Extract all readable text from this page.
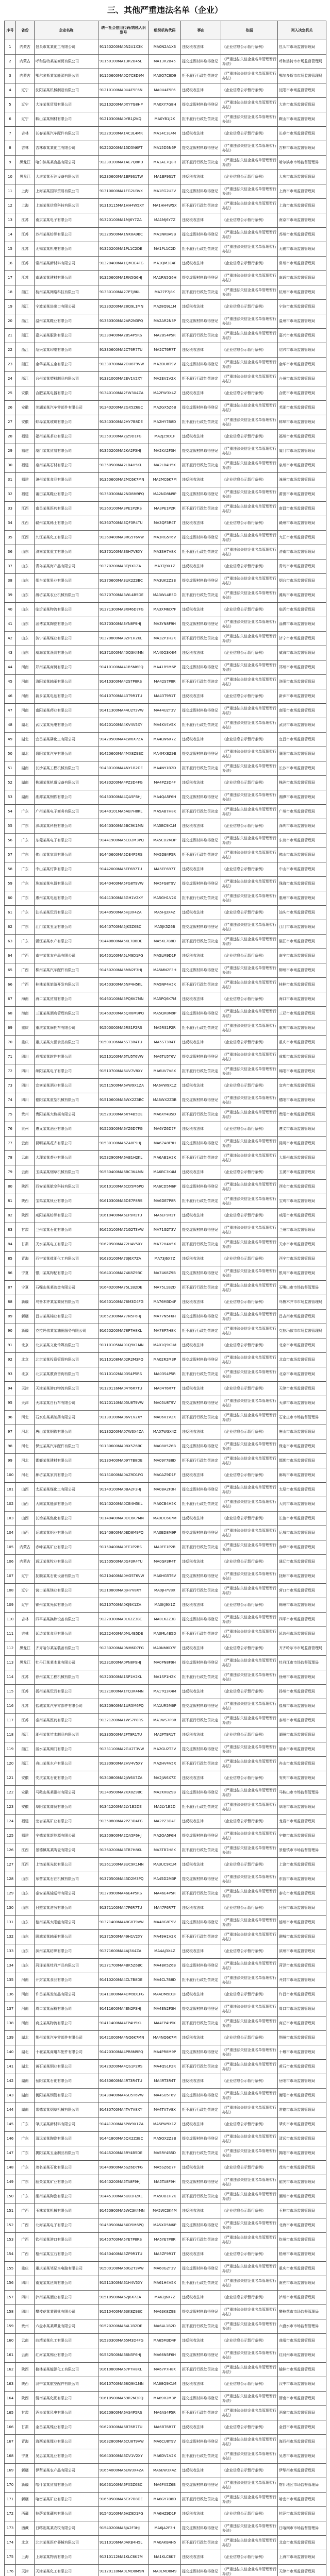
三、其他严重违法名单（企业）
序号	省份	企业名称	统一社会信用代码/纳税人识别号	组织机构代码	事由	依据	列入决定机关
1	内蒙古	包头市某某化工有限公司	91150200MA0N2A1X3K	MA0N2A1X3	违反税收法律	《企业信息公示暂行条例》	包头市市场监督管理局
2	内蒙古	呼和浩特某某商贸有限公司	91150100MA13R2B45L	MA13R2B45	提交虚假材料取得登记	《严重违法失信企业名单管理暂行办法》	呼和浩特市市场监督管理局
3	内蒙古	鄂尔多斯某某能源有限公司	91150600MA0Q7C8D9M	MA0Q7C8D9	拒不履行行政处罚决定	《严重违法失信企业名单管理暂行办法》	鄂尔多斯市市场监督管理局
4	辽宁	沈阳某某机械制造有限公司	91210100MA0U4E5F6N	MA0U4E5F6	违反税收法律	《企业信息公示暂行条例》	沈阳市市场监督管理局
5	辽宁	大连某某贸易有限公司	91210200MA0XY7G8HP	MA0XY7G8H	提交虚假材料取得登记	《严重违法失信企业名单管理暂行办法》	大连市市场监督管理局
6	辽宁	鞍山某某钢材有限公司	91210300MA0YB1J2KQ	MA0YB1J2K	拒不履行行政处罚决定	《严重违法失信企业名单管理暂行办法》	鞍山市市场监督管理局
7	吉林	长春某某汽车配件有限公司	91220100MA14C3L4MR	MA14C3L4M	违反税收法律	《企业信息公示暂行条例》	长春市市场监督管理局
8	吉林	吉林市某某化工有限公司	91220200MA15D5N6PT	MA15D5N6P	提交虚假材料取得登记	《严重违法失信企业名单管理暂行办法》	吉林市市场监督管理局
9	黑龙江	哈尔滨某某食品有限公司	91230100MA1AE7Q8RU	MA1AE7Q8R	拒不履行行政处罚决定	《严重违法失信企业名单管理暂行办法》	哈尔滨市市场监督管理局
10	黑龙江	大庆某某石油设备有限公司	91230600MA1BF9S1TW	MA1BF9S1T	违反税收法律	《企业信息公示暂行条例》	大庆市市场监督管理局
11	上海	上海某某国际贸易有限公司	91310000MA1FG2U3VX	MA1FG2U3V	提交虚假材料取得登记	《严重违法失信企业名单管理暂行办法》	上海市市场监督管理局
12	上海	上海某某信息科技有限公司	91310115MA1HH4W5XY	MA1HH4W5X	拒不履行行政处罚决定	《严重违法失信企业名单管理暂行办法》	上海市市场监督管理局
13	江苏	南京某某电子有限公司	91320100MA1MJ6Y7ZA	MA1MJ6Y7Z	违反税收法律	《企业信息公示暂行条例》	南京市市场监督管理局
14	江苏	苏州某某纺织有限公司	91320500MA1NK8A9BC	MA1NK8A9B	提交虚假材料取得登记	《严重违法失信企业名单管理暂行办法》	苏州市市场监督管理局
15	江苏	无锡某某机电有限公司	91320200MA1PL1C2DE	MA1PL1C2D	拒不履行行政处罚决定	《严重违法失信企业名单管理暂行办法》	无锡市市场监督管理局
16	江苏	常州某某新材料有限公司	91320400MA1QM3E4FG	MA1QM3E4F	违反税收法律	《企业信息公示暂行条例》	常州市市场监督管理局
17	江苏	南通某某建材有限公司	91320600MA1RN5G6HJ	MA1RN5G6H	提交虚假材料取得登记	《严重违法失信企业名单管理暂行办法》	南通市市场监督管理局
18	浙江	杭州某某网络科技有限公司	91330100MA27P7J8KL	MA27P7J8K	拒不履行行政处罚决定	《严重违法失信企业名单管理暂行办法》	杭州市市场监督管理局
19	浙江	宁波某某进出口有限公司	91330200MA28Q9L1MN	MA28Q9L1M	违反税收法律	《企业信息公示暂行条例》	宁波市市场监督管理局
20	浙江	温州某某鞋业有限公司	91330300MA2AR2N3PQ	MA2AR2N3P	提交虚假材料取得登记	《严重违法失信企业名单管理暂行办法》	温州市市场监督管理局
21	浙江	嘉兴某某服饰有限公司	91330400MA2BS4P5RS	MA2BS4P5R	拒不履行行政处罚决定	《严重违法失信企业名单管理暂行办法》	嘉兴市市场监督管理局
22	浙江	绍兴某某印染有限公司	91330600MA2CT6R7TU	MA2CT6R7T	违反税收法律	《企业信息公示暂行条例》	绍兴市市场监督管理局
23	浙江	金华某某五金有限公司	91330700MA2DU8T9VW	MA2DU8T9V	提交虚假材料取得登记	《严重违法失信企业名单管理暂行办法》	金华市市场监督管理局
24	浙江	台州某某塑料制品有限公司	91331000MA2EV1V2XY	MA2EV1V2X	拒不履行行政处罚决定	《严重违法失信企业名单管理暂行办法》	台州市市场监督管理局
25	安徽	合肥某某电器有限公司	91340100MA2FW3X4ZA	MA2FW3X4Z	违反税收法律	《企业信息公示暂行条例》	合肥市市场监督管理局
26	安徽	芜湖某某汽车零部件有限公司	91340200MA2GX5Z6BC	MA2GX5Z6B	提交虚假材料取得登记	《严重违法失信企业名单管理暂行办法》	芜湖市市场监督管理局
27	安徽	蚌埠某某玻璃有限公司	91340300MA2HY7B8DE	MA2HY7B8D	拒不履行行政处罚决定	《严重违法失信企业名单管理暂行办法》	蚌埠市市场监督管理局
28	福建	福州某某茶业有限公司	91350100MA2JZ9D1FG	MA2JZ9D1F	违反税收法律	《企业信息公示暂行条例》	福州市市场监督管理局
29	福建	厦门某某贸易有限公司	91350200MA2KA2F3HJ	MA2KA2F3H	提交虚假材料取得登记	《严重违法失信企业名单管理暂行办法》	厦门市市场监督管理局
30	福建	泉州某某石材有限公司	91350500MA2LB4H5KL	MA2LB4H5K	拒不履行行政处罚决定	《严重违法失信企业名单管理暂行办法》	泉州市市场监督管理局
31	福建	漳州某某食品有限公司	91350600MA2MC6K7MN	MA2MC6K7M	违反税收法律	《企业信息公示暂行条例》	漳州市市场监督管理局
32	福建	莆田某某鞋业有限公司	91350300MA2ND8M9PQ	MA2ND8M9P	提交虚假材料取得登记	《严重违法失信企业名单管理暂行办法》	莆田市市场监督管理局
33	江西	南昌某某医药有限公司	91360100MA3PE1P2RS	MA3PE1P2R	拒不履行行政处罚决定	《严重违法失信企业名单管理暂行办法》	南昌市市场监督管理局
34	江西	赣州某某稀土有限公司	91360700MA3QF3R4TU	MA3QF3R4T	违反税收法律	《企业信息公示暂行条例》	赣州市市场监督管理局
35	江西	九江某某化工有限公司	91360400MA3RG5T6VW	MA3RG5T6V	提交虚假材料取得登记	《严重违法失信企业名单管理暂行办法》	九江市市场监督管理局
36	山东	济南某某重工有限公司	91370100MA3SH7V8XY	MA3SH7V8X	拒不履行行政处罚决定	《严重违法失信企业名单管理暂行办法》	济南市市场监督管理局
37	山东	青岛某某海产品有限公司	91370200MA3TJ9X1ZA	MA3TJ9X1Z	违反税收法律	《企业信息公示暂行条例》	青岛市市场监督管理局
38	山东	烟台某某果业有限公司	91370600MA3UK2Z3BC	MA3UK2Z3B	提交虚假材料取得登记	《严重违法失信企业名单管理暂行办法》	烟台市市场监督管理局
39	山东	潍坊某某农业机械有限公司	91370700MA3WL4B5DE	MA3WL4B5D	拒不履行行政处罚决定	《严重违法失信企业名单管理暂行办法》	潍坊市市场监督管理局
40	山东	临沂某某物流有限公司	91371300MA3XM6D7FG	MA3XM6D7F	违反税收法律	《企业信息公示暂行条例》	临沂市市场监督管理局
41	山东	淄博某某陶瓷有限公司	91370300MA3YN8F9HJ	MA3YN8F9H	提交虚假材料取得登记	《严重违法失信企业名单管理暂行办法》	淄博市市场监督管理局
42	山东	济宁某某煤业有限公司	91370800MA3ZP1H2KL	MA3ZP1H2K	拒不履行行政处罚决定	《严重违法失信企业名单管理暂行办法》	济宁市市场监督管理局
43	山东	威海某某渔具有限公司	91371000MA40Q3K4MN	MA40Q3K4M	违反税收法律	《企业信息公示暂行条例》	威海市市场监督管理局
44	河南	郑州某某商贸有限公司	91410100MA41R5M6PQ	MA41R5M6P	提交虚假材料取得登记	《严重违法失信企业名单管理暂行办法》	郑州市市场监督管理局
45	河南	洛阳某某轴承有限公司	91410300MA42S7P8RS	MA42S7P8R	拒不履行行政处罚决定	《严重违法失信企业名单管理暂行办法》	洛阳市市场监督管理局
46	河南	新乡某某电池有限公司	91410700MA43T9R1TU	MA43T9R1T	违反税收法律	《企业信息公示暂行条例》	新乡市市场监督管理局
47	河南	南阳某某药业有限公司	91411300MA44U2T3VW	MA44U2T3V	提交虚假材料取得登记	《严重违法失信企业名单管理暂行办法》	南阳市市场监督管理局
48	湖北	武汉某某光电有限公司	91420100MA4KV4V5XY	MA4KV4V5X	拒不履行行政处罚决定	《严重违法失信企业名单管理暂行办法》	武汉市市场监督管理局
49	湖北	宜昌某某磷化工有限公司	91420500MA4LW6X7ZA	MA4LW6X7Z	违反税收法律	《企业信息公示暂行条例》	宜昌市市场监督管理局
50	湖北	襄阳某某汽车有限公司	91420600MA4MX8Z9BC	MA4MX8Z9B	提交虚假材料取得登记	《严重违法失信企业名单管理暂行办法》	襄阳市市场监督管理局
51	湖南	长沙某某工程机械有限公司	91430100MA4NY1B2DE	MA4NY1B2D	拒不履行行政处罚决定	《严重违法失信企业名单管理暂行办法》	长沙市市场监督管理局
52	湖南	株洲某某轨道设备有限公司	91430200MA4PZ3D4FG	MA4PZ3D4F	违反税收法律	《企业信息公示暂行条例》	株洲市市场监督管理局
53	湖南	湘潭某某钢铁有限公司	91430300MA4QA5F6HJ	MA4QA5F6H	提交虚假材料取得登记	《严重违法失信企业名单管理暂行办法》	湘潭市市场监督管理局
54	广东	广州某某电子商务有限公司	91440101MA5AB7H8KL	MA5AB7H8K	拒不履行行政处罚决定	《严重违法失信企业名单管理暂行办法》	广州市市场监督管理局
55	广东	深圳某某科技有限公司	91440300MA5BC9K1MN	MA5BC9K1M	违反税收法律	《企业信息公示暂行条例》	深圳市市场监督管理局
56	广东	东莞某某电子有限公司	91441900MA5CD2M3PQ	MA5CD2M3P	提交虚假材料取得登记	《严重违法失信企业名单管理暂行办法》	东莞市市场监督管理局
57	广东	佛山某某家具有限公司	91440600MA5DE4P5RS	MA5DE4P5R	拒不履行行政处罚决定	《严重违法失信企业名单管理暂行办法》	佛山市市场监督管理局
58	广东	中山某某灯饰有限公司	91442000MA5EF6R7TU	MA5EF6R7T	违反税收法律	《企业信息公示暂行条例》	中山市市场监督管理局
59	广东	珠海某某电器有限公司	91440400MA5FG8T9VW	MA5FG8T9V	提交虚假材料取得登记	《严重违法失信企业名单管理暂行办法》	珠海市市场监督管理局
60	广东	惠州某某电池有限公司	91441300MA5GH1V2XY	MA5GH1V2X	拒不履行行政处罚决定	《严重违法失信企业名单管理暂行办法》	惠州市市场监督管理局
61	广东	汕头某某玩具有限公司	91440500MA5HJ3X4ZA	MA5HJ3X4Z	违反税收法律	《企业信息公示暂行条例》	汕头市市场监督管理局
62	广东	江门某某五金有限公司	91440700MA5JK5Z6BC	MA5JK5Z6B	提交虚假材料取得登记	《严重违法失信企业名单管理暂行办法》	江门市市场监督管理局
63	广东	湛江某某水产有限公司	91440800MA5KL7B8DE	MA5KL7B8D	拒不履行行政处罚决定	《严重违法失信企业名单管理暂行办法》	湛江市市场监督管理局
64	广西	南宁某某农产品有限公司	91450100MA5LM9D1FG	MA5LM9D1F	违反税收法律	《企业信息公示暂行条例》	南宁市市场监督管理局
65	广西	柳州某某汽车配件有限公司	91450200MA5MN2F3HJ	MA5MN2F3H	提交虚假材料取得登记	《严重违法失信企业名单管理暂行办法》	柳州市市场监督管理局
66	广西	桂林某某旅游开发有限公司	91450300MA5NP4H5KL	MA5NP4H5K	拒不履行行政处罚决定	《严重违法失信企业名单管理暂行办法》	桂林市市场监督管理局
67	海南	海口某某贸易有限公司	91460100MA5PQ6K7MN	MA5PQ6K7M	违反税收法律	《企业信息公示暂行条例》	海口市市场监督管理局
68	海南	三亚某某酒店管理有限公司	91460200MA5QR8M9PQ	MA5QR8M9P	提交虚假材料取得登记	《严重违法失信企业名单管理暂行办法》	三亚市市场监督管理局
69	重庆	重庆某某摩托车有限公司	91500000MA5RS1P2RS	MA5RS1P2R	拒不履行行政处罚决定	《严重违法失信企业名单管理暂行办法》	重庆市市场监督管理局
70	重庆	重庆某某火锅食品有限公司	91500106MA5ST3R4TU	MA5ST3R4T	违反税收法律	《企业信息公示暂行条例》	重庆市市场监督管理局
71	四川	成都某某软件有限公司	91510100MA6TU5T6VW	MA6TU5T6V	提交虚假材料取得登记	《严重违法失信企业名单管理暂行办法》	成都市市场监督管理局
72	四川	绵阳某某电子有限公司	91510700MA6UV7V8XY	MA6UV7V8X	拒不履行行政处罚决定	《严重违法失信企业名单管理暂行办法》	绵阳市市场监督管理局
73	四川	宜宾某某酒业有限公司	91511500MA6VW9X1ZA	MA6VW9X1Z	违反税收法律	《企业信息公示暂行条例》	宜宾市市场监督管理局
74	四川	德阳某某重型机械有限公司	91510600MA6WX2Z3BC	MA6WX2Z3B	提交虚假材料取得登记	《严重违法失信企业名单管理暂行办法》	德阳市市场监督管理局
75	贵州	贵阳某某大数据有限公司	91520100MA6XY4B5DE	MA6XY4B5D	拒不履行行政处罚决定	《严重违法失信企业名单管理暂行办法》	贵阳市市场监督管理局
76	贵州	遵义某某酒业有限公司	91520300MA6YZ6D7FG	MA6YZ6D7F	违反税收法律	《企业信息公示暂行条例》	遵义市市场监督管理局
77	云南	昆明某某花卉有限公司	91530100MA6ZA8F9HJ	MA6ZA8F9H	提交虚假材料取得登记	《严重违法失信企业名单管理暂行办法》	昆明市市场监督管理局
78	云南	大理某某茶业有限公司	91532900MA6AB1H2KL	MA6AB1H2K	拒不履行行政处罚决定	《严重违法失信企业名单管理暂行办法》	大理州市场监督管理局
79	云南	玉溪某某烟草机械有限公司	91530400MA6BC3K4MN	MA6BC3K4M	违反税收法律	《企业信息公示暂行条例》	玉溪市市场监督管理局
80	陕西	西安某某航空科技有限公司	91610100MA6CD5M6PQ	MA6CD5M6P	提交虚假材料取得登记	《严重违法失信企业名单管理暂行办法》	西安市市场监督管理局
81	陕西	宝鸡某某钛业有限公司	91610300MA6DE7P8RS	MA6DE7P8R	拒不履行行政处罚决定	《严重违法失信企业名单管理暂行办法》	宝鸡市市场监督管理局
82	陕西	咸阳某某纺织有限公司	91610400MA6EF9R1TU	MA6EF9R1T	违反税收法律	《企业信息公示暂行条例》	咸阳市市场监督管理局
83	甘肃	兰州某某石化有限公司	91620100MA71G2T3VW	MA71G2T3V	提交虚假材料取得登记	《严重违法失信企业名单管理暂行办法》	兰州市市场监督管理局
84	甘肃	天水某某电工有限公司	91620500MA72H4V5XY	MA72H4V5X	拒不履行行政处罚决定	《严重违法失信企业名单管理暂行办法》	天水市市场监督管理局
85	青海	西宁某某盐湖化工有限公司	91630100MA73J6X7ZA	MA73J6X7Z	违反税收法律	《企业信息公示暂行条例》	西宁市市场监督管理局
86	宁夏	银川某某枸杞有限公司	91640100MA74K8Z9BC	MA74K8Z9B	提交虚假材料取得登记	《严重违法失信企业名单管理暂行办法》	银川市市场监督管理局
87	宁夏	石嘴山某某冶金有限公司	91640200MA75L1B2DE	MA75L1B2D	拒不履行行政处罚决定	《严重违法失信企业名单管理暂行办法》	石嘴山市市场监督管理局
88	新疆	乌鲁木齐某某商贸有限公司	91650100MA76M3D4FG	MA76M3D4F	违反税收法律	《企业信息公示暂行条例》	乌鲁木齐市市场监督管理局
89	新疆	昌吉某某棉业有限公司	91652300MA77N5F6HJ	MA77N5F6H	提交虚假材料取得登记	《严重违法失信企业名单管理暂行办法》	昌吉州市场监督管理局
90	新疆	克拉玛依某某油田服务有限公司	91650200MA78P7H8KL	MA78P7H8K	拒不履行行政处罚决定	《严重违法失信企业名单管理暂行办法》	克拉玛依市市场监督管理局
91	北京	北京某某文化传媒有限公司	91110105MA01Q9K1MN	MA01Q9K1M	违反税收法律	《企业信息公示暂行条例》	北京市市场监督管理局
92	北京	北京某某投资管理有限公司	91110108MA02R2M3PQ	MA02R2M3P	提交虚假材料取得登记	《严重违法失信企业名单管理暂行办法》	北京市市场监督管理局
93	北京	北京某某教育咨询有限公司	91110102MA03S4P5RS	MA03S4P5R	拒不履行行政处罚决定	《严重违法失信企业名单管理暂行办法》	北京市市场监督管理局
94	天津	天津某某港口物流有限公司	91120116MA04T6R7TU	MA04T6R7T	违反税收法律	《企业信息公示暂行条例》	天津市市场监督管理局
95	天津	天津某某自行车有限公司	91120110MA05U8T9VW	MA05U8T9V	提交虚假材料取得登记	《严重违法失信企业名单管理暂行办法》	天津市市场监督管理局
96	河北	石家庄某某制药有限公司	91130100MA06V1V2XY	MA06V1V2X	拒不履行行政处罚决定	《严重违法失信企业名单管理暂行办法》	石家庄市市场监督管理局
97	河北	唐山某某钢铁有限公司	91130200MA07W3X4ZA	MA07W3X4Z	违反税收法律	《企业信息公示暂行条例》	唐山市市场监督管理局
98	河北	保定某某汽车配件有限公司	91130600MA08X5Z6BC	MA08X5Z6B	提交虚假材料取得登记	《严重违法失信企业名单管理暂行办法》	保定市市场监督管理局
99	河北	邯郸某某建材有限公司	91130400MA09Y7B8DE	MA09Y7B8D	拒不履行行政处罚决定	《严重违法失信企业名单管理暂行办法》	邯郸市市场监督管理局
100	河北	廊坊某某家具有限公司	91131000MA0AZ9D1FG	MA0AZ9D1F	违反税收法律	《企业信息公示暂行条例》	廊坊市市场监督管理局
101	山西	太原某某煤化工有限公司	91140100MA0BA2F3HJ	MA0BA2F3H	提交虚假材料取得登记	《严重违法失信企业名单管理暂行办法》	太原市市场监督管理局
102	山西	大同某某能源有限公司	91140200MA0CB4H5KL	MA0CB4H5K	拒不履行行政处罚决定	《严重违法失信企业名单管理暂行办法》	大同市市场监督管理局
103	山西	长治某某焦化有限公司	91140400MA0DC6K7MN	MA0DC6K7M	违反税收法律	《企业信息公示暂行条例》	长治市市场监督管理局
104	山西	运城某某铝业有限公司	91140800MA0ED8M9PQ	MA0ED8M9P	提交虚假材料取得登记	《严重违法失信企业名单管理暂行办法》	运城市市场监督管理局
105	内蒙古	赤峰某某矿业有限公司	91150400MA0FE1P2RS	MA0FE1P2R	拒不履行行政处罚决定	《严重违法失信企业名单管理暂行办法》	赤峰市市场监督管理局
106	内蒙古	通辽某某牧业有限公司	91150500MA0GF3R4TU	MA0GF3R4T	违反税收法律	《企业信息公示暂行条例》	通辽市市场监督管理局
107	辽宁	抚顺某某石化设备有限公司	91210400MA0HG5T6VW	MA0HG5T6V	提交虚假材料取得登记	《严重违法失信企业名单管理暂行办法》	抚顺市市场监督管理局
108	辽宁	营口某某镁业有限公司	91210800MA0JH7V8XY	MA0JH7V8X	拒不履行行政处罚决定	《严重违法失信企业名单管理暂行办法》	营口市市场监督管理局
109	辽宁	锦州某某光伏有限公司	91210700MA0KJ9X1ZA	MA0KJ9X1Z	违反税收法律	《企业信息公示暂行条例》	锦州市市场监督管理局
110	吉林	四平某某换热设备有限公司	91220300MA0LK2Z3BC	MA0LK2Z3B	提交虚假材料取得登记	《严重违法失信企业名单管理暂行办法》	四平市市场监督管理局
111	吉林	延边某某食品有限公司	91222400MA0ML4B5DE	MA0ML4B5D	拒不履行行政处罚决定	《严重违法失信企业名单管理暂行办法》	延边州市场监督管理局
112	黑龙江	齐齐哈尔某某装备有限公司	91230200MA0NM6D7FG	MA0NM6D7F	违反税收法律	《企业信息公示暂行条例》	齐齐哈尔市市场监督管理局
113	黑龙江	牡丹江某某木业有限公司	91231000MA0PN8F9HJ	MA0PN8F9H	提交虚假材料取得登记	《严重违法失信企业名单管理暂行办法》	牡丹江市市场监督管理局
114	江苏	徐州某某工程机械有限公司	91320300MA1SP1H2KL	MA1SP1H2K	拒不履行行政处罚决定	《严重违法失信企业名单管理暂行办法》	徐州市市场监督管理局
115	江苏	扬州某某玩具有限公司	91321000MA1TQ3K4MN	MA1TQ3K4M	违反税收法律	《企业信息公示暂行条例》	扬州市市场监督管理局
116	江苏	盐城某某汽车零部件有限公司	91320900MA1UR5M6PQ	MA1UR5M6P	提交虚假材料取得登记	《严重违法失信企业名单管理暂行办法》	盐城市市场监督管理局
117	江苏	泰州某某医药有限公司	91321200MA1WS7P8RS	MA1WS7P8R	拒不履行行政处罚决定	《严重违法失信企业名单管理暂行办法》	泰州市市场监督管理局
118	浙江	湖州某某竹木制品有限公司	91330500MA2FT9R1TU	MA2FT9R1T	违反税收法律	《企业信息公示暂行条例》	湖州市市场监督管理局
119	浙江	丽水某某阀门有限公司	91331100MA2GU2T3VW	MA2GU2T3V	提交虚假材料取得登记	《严重违法失信企业名单管理暂行办法》	丽水市市场监督管理局
120	浙江	舟山某某水产有限公司	91330900MA2HV4V5XY	MA2HV4V5X	拒不履行行政处罚决定	《严重违法失信企业名单管理暂行办法》	舟山市市场监督管理局
121	安徽	安庆某某石化有限公司	91340800MA2JW6X7ZA	MA2JW6X7Z	违反税收法律	《企业信息公示暂行条例》	安庆市市场监督管理局
122	安徽	马鞍山某某钢材有限公司	91340500MA2KX8Z9BC	MA2KX8Z9B	提交虚假材料取得登记	《严重违法失信企业名单管理暂行办法》	马鞍山市市场监督管理局
123	安徽	阜阳某某商贸有限公司	91341200MA2LY1B2DE	MA2LY1B2D	拒不履行行政处罚决定	《严重违法失信企业名单管理暂行办法》	阜阳市市场监督管理局
124	福建	龙岩某某矿业有限公司	91350800MA2PZ3D4FG	MA2PZ3D4F	违反税收法律	《企业信息公示暂行条例》	龙岩市市场监督管理局
125	福建	宁德某某新能源有限公司	91350900MA2QA5F6HJ	MA2QA5F6H	提交虚假材料取得登记	《严重违法失信企业名单管理暂行办法》	宁德市市场监督管理局
126	江西	景德镇某某陶瓷有限公司	91360200MA3TB7H8KL	MA3TB7H8K	拒不履行行政处罚决定	《严重违法失信企业名单管理暂行办法》	景德镇市市场监督管理局
127	江西	上饶某某光伏有限公司	91361100MA3UC9K1MN	MA3UC9K1M	违反税收法律	《企业信息公示暂行条例》	上饶市市场监督管理局
128	山东	东营某某石油机械有限公司	91370500MA45D2M3PQ	MA45D2M3P	提交虚假材料取得登记	《严重违法失信企业名单管理暂行办法》	东营市市场监督管理局
129	山东	泰安某某输送带有限公司	91370900MA46E4P5RS	MA46E4P5R	拒不履行行政处罚决定	《严重违法失信企业名单管理暂行办法》	泰安市市场监督管理局
130	山东	日照某某港务有限公司	91371100MA47F6R7TU	MA47F6R7T	违反税收法律	《企业信息公示暂行条例》	日照市市场监督管理局
131	山东	德州某某太阳能有限公司	91371400MA48G8T9VW	MA48G8T9V	提交虚假材料取得登记	《严重违法失信企业名单管理暂行办法》	德州市市场监督管理局
132	山东	聊城某某轴承有限公司	91371500MA49H1V2XY	MA49H1V2X	拒不履行行政处罚决定	《严重违法失信企业名单管理暂行办法》	聊城市市场监督管理局
133	山东	滨州某某纺织有限公司	91371600MA4AJ3X4ZA	MA4AJ3X4Z	违反税收法律	《企业信息公示暂行条例》	滨州市市场监督管理局
134	山东	菏泽某某牡丹产品有限公司	91371700MA4BK5Z6BC	MA4BK5Z6B	提交虚假材料取得登记	《严重违法失信企业名单管理暂行办法》	菏泽市市场监督管理局
135	河南	开封某某食品有限公司	91410200MA4CL7B8DE	MA4CL7B8D	拒不履行行政处罚决定	《严重违法失信企业名单管理暂行办法》	开封市市场监督管理局
136	河南	许昌某某发制品有限公司	91411000MA4DM9D1FG	MA4DM9D1F	违反税收法律	《企业信息公示暂行条例》	许昌市市场监督管理局
137	河南	周口某某面粉有限公司	91411600MA4EN2F3HJ	MA4EN2F3H	提交虚假材料取得登记	《严重违法失信企业名单管理暂行办法》	周口市市场监督管理局
138	河南	商丘某某物流有限公司	91411400MA4FP4H5KL	MA4FP4H5K	拒不履行行政处罚决定	《严重违法失信企业名单管理暂行办法》	商丘市市场监督管理局
139	湖北	荆州某某汽车零部件有限公司	91421000MA4NQ6K7MN	MA4NQ6K7M	违反税收法律	《企业信息公示暂行条例》	荆州市市场监督管理局
140	湖北	十堰某某商用车配件有限公司	91420300MA4PR8M9PQ	MA4PR8M9P	提交虚假材料取得登记	《严重违法失信企业名单管理暂行办法》	十堰市市场监督管理局
141	湖北	黄石某某铜业有限公司	91420200MA4QS1P2RS	MA4QS1P2R	拒不履行行政处罚决定	《严重违法失信企业名单管理暂行办法》	黄石市市场监督管理局
142	湖南	岳阳某某石化有限公司	91430600MA4RT3R4TU	MA4RT3R4T	违反税收法律	《企业信息公示暂行条例》	岳阳市市场监督管理局
143	湖南	衡阳某某钢管有限公司	91430400MA4SU5T6VW	MA4SU5T6V	提交虚假材料取得登记	《严重违法失信企业名单管理暂行办法》	衡阳市市场监督管理局
144	湖南	常德某某烟草机械有限公司	91430700MA4TV7V8XY	MA4TV7V8X	拒不履行行政处罚决定	《严重违法失信企业名单管理暂行办法》	常德市市场监督管理局
145	广东	肇庆某某新材料有限公司	91441200MA5PW9X1ZA	MA5PW9X1Z	违反税收法律	《企业信息公示暂行条例》	肇庆市市场监督管理局
146	广东	清远某某陶瓷有限公司	91441800MA5QX2Z3BC	MA5QX2Z3B	提交虚假材料取得登记	《严重违法失信企业名单管理暂行办法》	清远市市场监督管理局
147	广东	揭阳某某五金制品有限公司	91445200MA5RY4B5DE	MA5RY4B5D	拒不履行行政处罚决定	《严重违法失信企业名单管理暂行办法》	揭阳市市场监督管理局
148	广东	茂名某某石化有限公司	91440900MA5SZ6D7FG	MA5SZ6D7F	违反税收法律	《企业信息公示暂行条例》	茂名市市场监督管理局
149	广东	韶关某某矿业有限公司	91440200MA5TA8F9HJ	MA5TA8F9H	提交虚假材料取得登记	《严重违法失信企业名单管理暂行办法》	韶关市市场监督管理局
150	广东	潮州某某陶瓷有限公司	91445100MA5UB1H2KL	MA5UB1H2K	拒不履行行政处罚决定	《严重违法失信企业名单管理暂行办法》	潮州市市场监督管理局
151	广西	玉林某某机械有限公司	91450900MA5WC3K4MN	MA5WC3K4M	违反税收法律	《企业信息公示暂行条例》	玉林市市场监督管理局
152	广西	北海某某电子有限公司	91450500MA5XD5M6PQ	MA5XD5M6P	提交虚假材料取得登记	《严重违法失信企业名单管理暂行办法》	北海市市场监督管理局
153	广西	钦州某某港口有限公司	91450700MA5YE7P8RS	MA5YE7P8R	拒不履行行政处罚决定	《严重违法失信企业名单管理暂行办法》	钦州市市场监督管理局
154	广西	梧州某某宝石有限公司	91450400MA5ZF9R1TU	MA5ZF9R1T	违反税收法律	《企业信息公示暂行条例》	梧州市市场监督管理局
155	重庆	重庆某某笔记本电脑有限公司	91500108MA60G2T3VW	MA60G2T3V	提交虚假材料取得登记	《严重违法失信企业名单管理暂行办法》	重庆市市场监督管理局
156	四川	南充某某丝绸有限公司	91511300MA61H4V5XY	MA61H4V5X	拒不履行行政处罚决定	《严重违法失信企业名单管理暂行办法》	南充市市场监督管理局
157	四川	泸州某某酒业有限公司	91510500MA62J6X7ZA	MA62J6X7Z	违反税收法律	《企业信息公示暂行条例》	泸州市市场监督管理局
158	四川	攀枝花某某钒钛有限公司	91510400MA63K8Z9BC	MA63K8Z9B	提交虚假材料取得登记	《严重违法失信企业名单管理暂行办法》	攀枝花市市场监督管理局
159	贵州	六盘水某某煤业有限公司	91520200MA64L1B2DE	MA64L1B2D	拒不履行行政处罚决定	《严重违法失信企业名单管理暂行办法》	六盘水市市场监督管理局
160	云南	曲靖某某化工有限公司	91530300MA65M3D4FG	MA65M3D4F	违反税收法律	《企业信息公示暂行条例》	曲靖市市场监督管理局
161	云南	红河某某锡业有限公司	91532500MA66N5F6HJ	MA66N5F6H	提交虚假材料取得登记	《严重违法失信企业名单管理暂行办法》	红河州市场监督管理局
162	陕西	榆林某某能源化工有限公司	91610800MA67P7H8KL	MA67P7H8K	拒不履行行政处罚决定	《严重违法失信企业名单管理暂行办法》	榆林市市场监督管理局
163	陕西	汉中某某航空配件有限公司	91610700MA68Q9K1MN	MA68Q9K1M	违反税收法律	《企业信息公示暂行条例》	汉中市市场监督管理局
164	陕西	渭南某某化肥有限公司	91610500MA69R2M3PQ	MA69R2M3P	提交虚假材料取得登记	《严重违法失信企业名单管理暂行办法》	渭南市市场监督管理局
165	甘肃	酒泉某某风电有限公司	91620900MA6AS4P5RS	MA6AS4P5R	拒不履行行政处罚决定	《严重违法失信企业名单管理暂行办法》	酒泉市市场监督管理局
166	甘肃	金昌某某镍业有限公司	91620300MA6BT6R7TU	MA6BT6R7T	违反税收法律	《企业信息公示暂行条例》	金昌市市场监督管理局
167	青海	海西某某锂业有限公司	91632800MA6CU8T9VW	MA6CU8T9V	提交虚假材料取得登记	《严重违法失信企业名单管理暂行办法》	海西州市场监督管理局
168	宁夏	吴忠某某乳业有限公司	91640300MA6DV1V2XY	MA6DV1V2X	拒不履行行政处罚决定	《严重违法失信企业名单管理暂行办法》	吴忠市市场监督管理局
169	新疆	伊犁某某农产品有限公司	91654000MA6EW3X4ZA	MA6EW3X4Z	违反税收法律	《企业信息公示暂行条例》	伊犁州市场监督管理局
170	新疆	喀什某某贸易有限公司	91653100MA6FX5Z6BC	MA6FX5Z6B	提交虚假材料取得登记	《严重违法失信企业名单管理暂行办法》	喀什地区市场监督管理局
171	新疆	哈密某某矿业有限公司	91650500MA6GY7B8DE	MA6GY7B8D	拒不履行行政处罚决定	《严重违法失信企业名单管理暂行办法》	哈密市市场监督管理局
172	西藏	拉萨某某藏药有限公司	91540100MA6HZ9D1FG	MA6HZ9D1F	违反税收法律	《企业信息公示暂行条例》	拉萨市市场监督管理局
173	西藏	日喀则某某农牧有限公司	91540200MA6JA2F3HJ	MA6JA2F3H	提交虚假材料取得登记	《严重违法失信企业名单管理暂行办法》	日喀则市市场监督管理局
174	北京	北京某某医疗器械有限公司	91110106MA0AKB4H5L	MA0AKB4H5	拒不履行行政处罚决定	《严重违法失信企业名单管理暂行办法》	北京市市场监督管理局
175	上海	上海某某物流有限公司	91310112MA1KLC6K7M	MA1KLC6K7	违反税收法律	《企业信息公示暂行条例》	上海市市场监督管理局
176	天津	天津某某化工有限公司	91120118MA0LMD8M9N	MA0LMD8M9	提交虚假材料取得登记	《严重违法失信企业名单管理暂行办法》	天津市市场监督管理局
